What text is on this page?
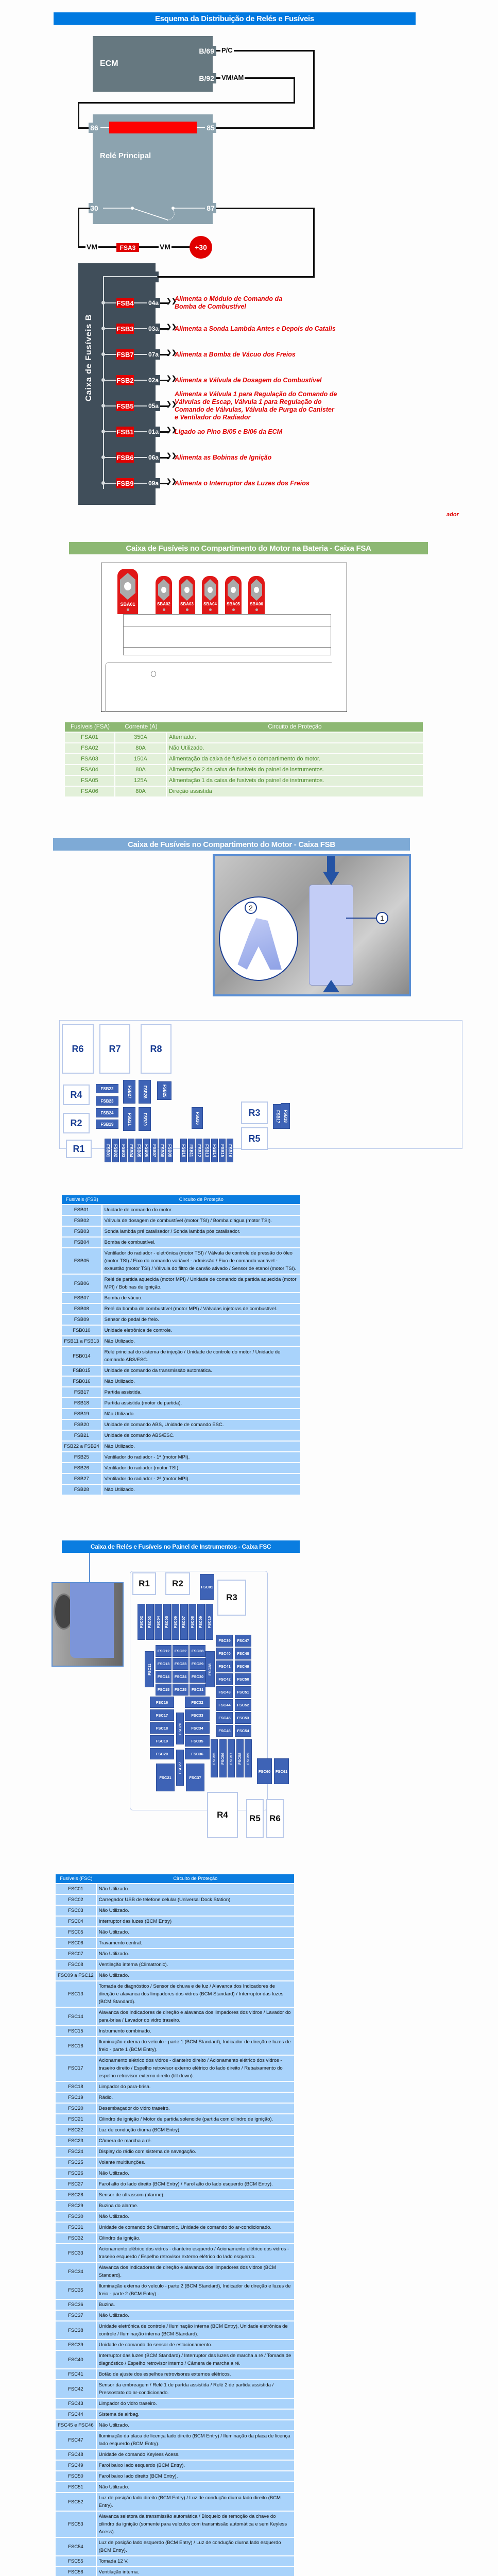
Esquema da Distribuição de Relés e Fusíveis
ECM
B/69
B/92
P/C
VM/AM
86	85
Relé Principal
30	87
VM	FSA3	VM	+30
Caixa de Fusíveis B
FSB4 04a ❯❯
Alimenta o Módulo de Comando da
Bomba de Combustível
FSB3 03a ❯❯
Alimenta a Sonda Lambda Antes e Depois do Catalis
FSB7 07a ❯❯
Alimenta a Bomba de Vácuo dos Freios
FSB2 02a ❯❯
Alimenta a Válvula de Dosagem do Combustível
FSB5 05a ❯❯
Alimenta a Válvula 1 para Regulação do Comando de
Válvulas de Escap, Válvula 1 para Regulação do
Comando de Válvulas, Válvula de Purga do Canister
e Ventilador do Radiador
FSB1 01a ❯❯
Ligado ao Pino B/05 e B/06 da ECM
FSB6 06a ❯❯
Alimenta as Bobinas de Ignição
FSB9 09a ❯❯
Alimenta o Interruptor das Luzes dos Freios
ador
Caixa de Fusíveis no Compartimento do Motor na Bateria - Caixa FSA
SBA01	SBA02	SBA03	SBA04	SBA05	SBA06
Fusíveis (FSA)	Corrente (A)	Circuito de Proteção
FSA01	350A	Alternador.
FSA02	80A	Não Utilizado.
FSA03	150A	Alimentação da caixa de fusíveis o compartimento do motor.
FSA04	80A	Alimentação 2 da caixa de fusíveis do painel de instrumentos.
FSA05	125A	Alimentação 1 da caixa de fusíveis do painel de instrumentos.
FSA06	80A	Direção assistida
Caixa de Fusíveis no Compartimento do Motor - Caixa FSB
2
1
R6	R7	R8
R4
R2
R1
R3
R5
FSB22
FSB23
FSB24
FSB19
FSB27	FSB28	FSB25
FSB21	FSB20	FSB26	FSB17 FSB18
FSB01 FSB02 FSB03 FSB04 FSB05 FSB06 FSB07 FSB08 FSB09 FSB10 FSB11 FSB12 FSB13 FSB14 FSB15 FSB16
Fusíveis (FSB)	Circuito de Proteção
FSB01	Unidade de comando do motor.
FSB02	Válvula de dosagem de combustível (motor TSI) / Bomba d'água (motor TSI).
FSB03	Sonda lambda pré catalisador / Sonda lambda pós catalisador.
FSB04	Bomba de combustível.
FSB05	Ventilador do radiador - eletrônica (motor TSI) / Válvula de controle de pressão do óleo (motor TSI) / Eixo do comando variável - admissão / Eixo de comando variável - exaustão (motor TSI) / Válvula do filtro de carvão ativado / Sensor de etanol (motor TSI).
FSB06	Relé de partida aquecida (motor MPI) / Unidade de comando da partida aquecida (motor MPI) / Bobinas de ignição.
FSB07	Bomba de vácuo.
FSB08	Relé da bomba de combustível (motor MPI) / Válvulas injetoras de combustível.
FSB09	Sensor do pedal de freio.
FSB010	Unidade eletrônica de controle.
FSB11 a FSB13	Não Utilizado.
FSB014	Relé principal do sistema de injeção / Unidade de controle do motor / Unidade de comando ABS/ESC.
FSB015	Unidade de comando da transmissão automática.
FSB016	Não Utilizado.
FSB17	Partida assistida.
FSB18	Partida assistida (motor de partida).
FSB19	Não Utilizado.
FSB20	Unidade de comando ABS, Unidade de comando ESC.
FSB21	Unidade de comando ABS/ESC.
FSB22 a FSB24	Não Utilizado.
FSB25	Ventilador do radiador - 1ª (motor MPI).
FSB26	Ventilador do radiador (motor TSI).
FSB27	Ventilador do radiador - 2ª (motor MPI).
FSB28	Não Utilizado.
Caixa de Relés e Fusíveis no Painel de Instrumentos - Caixa FSC
R1	R2
R3
R4	R5	R6
FSC01
FSC02 FSC03 FSC04 FSC05 FSC06 FSC07 FSC08 FSC09 FSC10
FSC11
FSC12 FSC22 FSC28
FSC13 FSC23 FSC29
FSC14 FSC24 FSC30
FSC15 FSC25 FSC31
FSC38
FSC39
FSC40
FSC41
FSC42
FSC43
FSC44
FSC45
FSC46
FSC47
FSC48
FSC49
FSC50
FSC51
FSC52
FSC53
FSC54
FSC16
FSC17
FSC18
FSC19
FSC20
FSC26
FSC27
FSC32
FSC33
FSC34
FSC35
FSC36
FSC21	FSC37
FSC55 FSC56 FSC57 FSC58 FSC59
FSC60 FSC61
Fusíveis (FSC)	Circuito de Proteção
FSC01	Não Utilizado.
FSC02	Carregador USB de telefone celular (Universal Dock Station).
FSC03	Não Utilizado.
FSC04	Interruptor das luzes (BCM Entry)
FSC05	Não Utilizado.
FSC06	Travamento central.
FSC07	Não Utilizado.
FSC08	Ventilação interna (Climatronic).
FSC09 a FSC12	Não Utilizado.
FSC13	Tomada de diagnóstico / Sensor de chuva e de luz / Alavanca dos Indicadores de direção e alavanca dos limpadores dos vidros (BCM Standard) / Interruptor das luzes (BCM Standard).
FSC14	Alavanca dos Indicadores de direção e alavanca dos limpadores dos vidros / Lavador do para-brisa / Lavador do vidro traseiro.
FSC15	Instrumento combinado.
FSC16	Iluminação externa do veículo - parte 1 (BCM Standard), Indicador de direção e luzes de freio - parte 1 (BCM Entry).
FSC17	Acionamento elétrico dos vidros - dianteiro direito / Acionamento elétrico dos vidros - traseiro direito / Espelho retrovisor externo elétrico do lado direito / Rebaixamento do espelho retrovisor externo direito (tilt down).
FSC18	Limpador do para-brisa.
FSC19	Rádio.
FSC20	Desembaçador do vidro traseiro.
FSC21	Cilindro de ignição / Motor de partida solenoide (partida com cilindro de ignição).
FSC22	Luz de condução diurna (BCM Entry).
FSC23	Câmera de marcha a ré.
FSC24	Display do rádio com sistema de navegação.
FSC25	Volante multifunções.
FSC26	Não Utilizado.
FSC27	Farol alto do lado direito (BCM Entry) / Farol alto do lado esquerdo (BCM Entry).
FSC28	Sensor de ultrassom (alarme).
FSC29	Buzina do alarme.
FSC30	Não Utilizado.
FSC31	Unidade de comando do Climatronic, Unidade de comando do ar-condicionado.
FSC32	Cilindro da ignição.
FSC33	Acionamento elétrico dos vidros - dianteiro esquerdo / Acionamento elétrico dos vidros - traseiro esquerdo / Espelho retrovisor externo elétrico do lado esquerdo.
FSC34	Alavanca dos Indicadores de direção e alavanca dos limpadores dos vidros (BCM Standard).
FSC35	Iluminação externa do veículo - parte 2 (BCM Standard), Indicador de direção e luzes de freio - parte 2 (BCM Entry) .
FSC36	Buzina.
FSC37	Não Utilizado.
FSC38	Unidade eletrônica de controle / Iluminação interna (BCM Entry), Unidade eletrônica de controle / Iluminação interna (BCM Standard).
FSC39	Unidade de comando do sensor de estacionamento.
FSC40	Interruptor das luzes (BCM Standard) / Interruptor das luzes de marcha a ré / Tomada de diagnóstico / Espelho retrovisor interno / Câmera de marcha a ré.
FSC41	Botão de ajuste dos espelhos retrovisores externos elétricos.
FSC42	Sensor da embreagem / Relé 1 de partda assistida / Relé 2 de partida assistida / Pressostato do ar-condicionado.
FSC43	Limpador do vidro traseiro.
FSC44	Sistema de airbag.
FSC45 e FSC46	Não Utilizado.
FSC47	Iluminação da placa de licença lado direito (BCM Entry) / Iluminação da placa de licença lado esquerdo (BCM Entry).
FSC48	Unidade de comando Keyless Acess.
FSC49	Farol baixo lado esquerdo (BCM Entry).
FSC50	Farol baixo lado direito (BCM Entry).
FSC51	Não Utilizado.
FSC52	Luz de posição lado direito (BCM Entry) / Luz de condução diurna lado direito (BCM Entry).
FSC53	Alavanca seletora da transmissão automática / Bloqueio de remoção da chave do cilindro da ignição (somente para veículos com transmissão automática e sem Keyless Acess).
FSC54	Luz de posição lado esquerdo (BCM Entry) / Luz de condução diurna lado esquerdo (BCM Entry).
FSC55	Tomada 12 V.
FSC56	Ventilação interna.
